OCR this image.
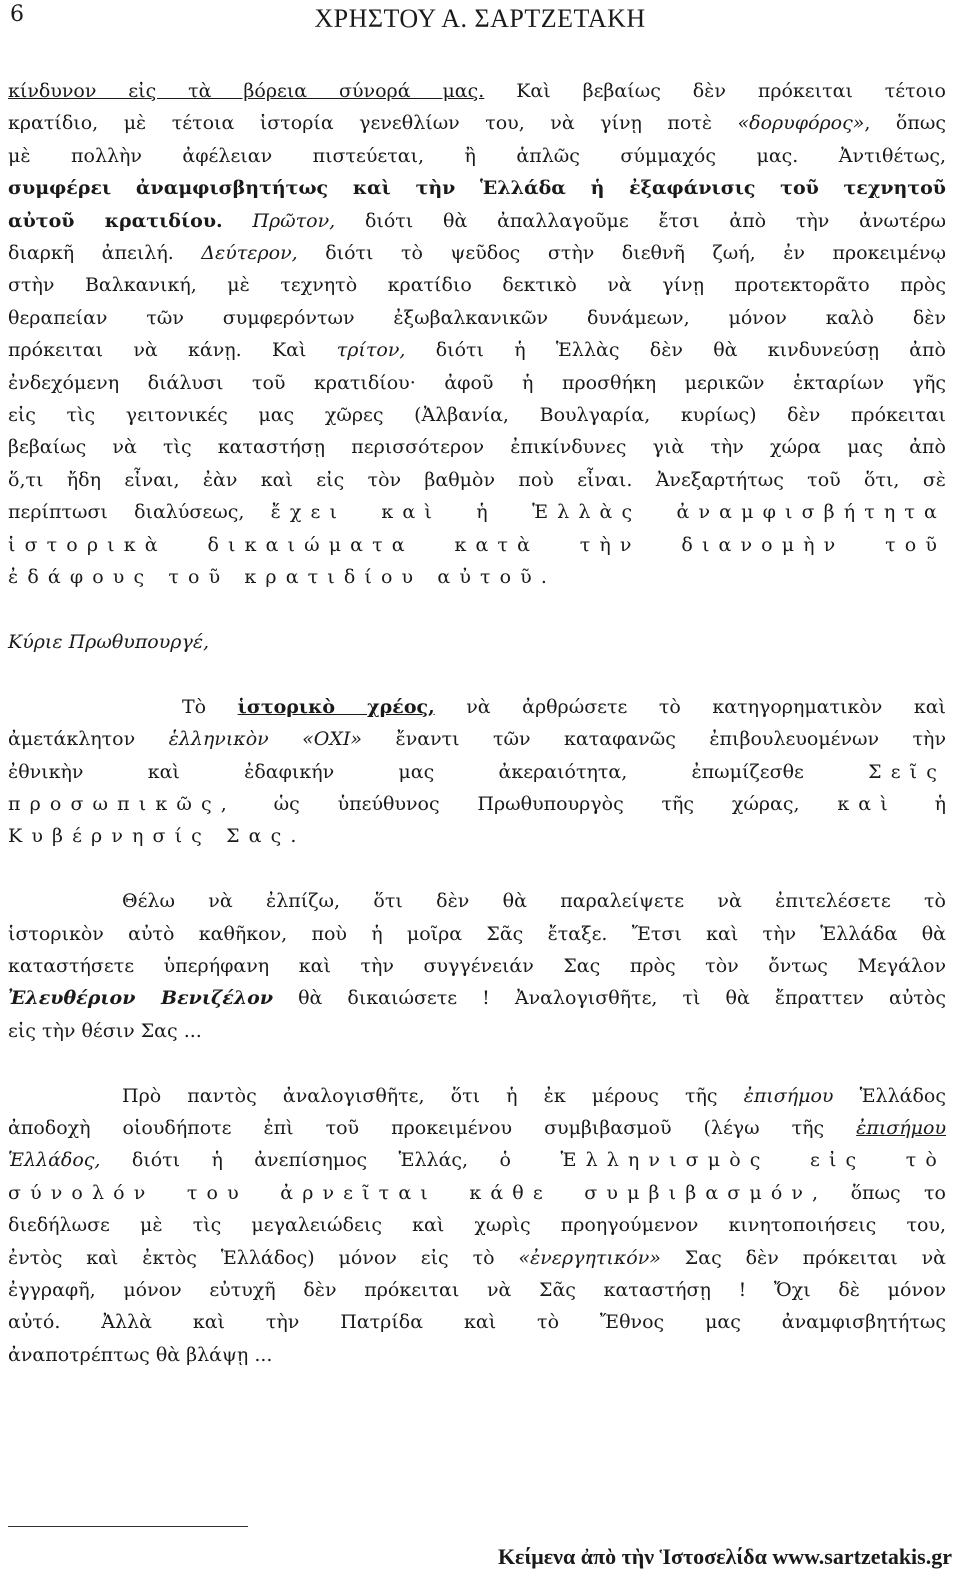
6	ΧΡΗΣΤΟΥ Α. ΣΑΡΤΖΕΤΑΚΗ
κίνδυνον εἰς τὰ βόρεια σύνορά μας. Καὶ βεβαίως δὲν πρόκειται τέτοιο
κρατίδιο, μὲ τέτοια ἱστορία γενεθλίων του, νὰ γίνῃ ποτὲ «δορυφόρος», ὅπως
μὲ πολλὴν ἀφέλειαν πιστεύεται, ἢ ἁπλῶς σύμμαχός μας. Ἀντιθέτως,
συμφέρει ἀναμφισβητήτως καὶ τὴν Ἑλλάδα ἡ ἐξαφάνισις τοῦ τεχνητοῦ
αὐτοῦ κρατιδίου. Πρῶτον, διότι θὰ ἀπαλλαγοῦμε ἔτσι ἀπὸ τὴν ἀνωτέρω
διαρκῆ ἀπειλή. Δεύτερον, διότι τὸ ψεῦδος στὴν διεθνῆ ζωή, ἐν προκειμένῳ
στὴν Βαλκανική, μὲ τεχνητὸ κρατίδιο δεκτικὸ νὰ γίνῃ προτεκτορᾶτο πρὸς
θεραπείαν τῶν συμφερόντων ἐξωβαλκανικῶν δυνάμεων, μόνον καλὸ δὲν
πρόκειται νὰ κάνῃ. Καὶ τρίτον, διότι ἡ Ἑλλὰς δὲν θὰ κινδυνεύσῃ ἀπὸ
ἐνδεχόμενη διάλυσι τοῦ κρατιδίου· ἀφοῦ ἡ προσθήκη μερικῶν ἑκταρίων γῆς
εἰς τὶς γειτονικές μας χῶρες (Ἀλβανία, Βουλγαρία, κυρίως) δὲν πρόκειται
βεβαίως νὰ τὶς καταστήσῃ περισσότερον ἐπικίνδυνες γιὰ τὴν χώρα μας ἀπὸ
ὅ,τι ἤδη εἶναι, ἐὰν καὶ εἰς τὸν βαθμὸν ποὺ εἶναι. Ἀνεξαρτήτως τοῦ ὅτι, σὲ
περίπτωσι διαλύσεως, ἔχει καὶ ἡ Ἑλλὰς ἀναμφισβήτητα
ἱστορικὰ δικαιώματα κατὰ τὴν διανομὴν τοῦ
ἐδάφους τοῦ κρατιδίου αὐτοῦ.
Κύριε Πρωθυπουργέ,
Τὸ ἱστορικὸ χρέος, νὰ ἀρθρώσετε τὸ κατηγορηματικὸν καὶ
ἀμετάκλητον ἑλληνικὸν «ΟΧΙ» ἔναντι τῶν καταφανῶς ἐπιβουλευομένων τὴν
ἐθνικὴν καὶ ἐδαφικήν μας ἀκεραιότητα, ἐπωμίζεσθε Σεῖς
προσωπικῶς, ὡς ὑπεύθυνος Πρωθυπουργὸς τῆς χώρας, καὶ ἡ
Κυβέρνησίς Σας.
Θέλω νὰ ἐλπίζω, ὅτι δὲν θὰ παραλείψετε νὰ ἐπιτελέσετε τὸ
ἱστορικὸν αὐτὸ καθῆκον, ποὺ ἡ μοῖρα Σᾶς ἔταξε. Ἔτσι καὶ τὴν Ἑλλάδα θὰ
καταστήσετε ὑπερήφανη καὶ τὴν συγγένειάν Σας πρὸς τὸν ὄντως Μεγάλον
Ἐλευθέριον Βενιζέλον θὰ δικαιώσετε ! Ἀναλογισθῆτε, τὶ θὰ ἔπραττεν αὐτὸς
εἰς τὴν θέσιν Σας ...
Πρὸ παντὸς ἀναλογισθῆτε, ὅτι ἡ ἐκ μέρους τῆς ἐπισήμου Ἑλλάδος
ἀποδοχὴ οἱουδήποτε ἐπὶ τοῦ προκειμένου συμβιβασμοῦ (λέγω τῆς ἐπισήμου
Ἑλλάδος, διότι ἡ ἀνεπίσημος Ἑλλάς, ὁ Ἑλληνισμὸς εἰς τὸ
σύνολόν του ἀρνεῖται κάθε συμβιβασμόν, ὅπως το
διεδήλωσε μὲ τὶς μεγαλειώδεις καὶ χωρὶς προηγούμενον κινητοποιήσεις του,
ἐντὸς καὶ ἐκτὸς Ἑλλάδος) μόνον εἰς τὸ «ἐνεργητικόν» Σας δὲν πρόκειται νὰ
ἐγγραφῆ, μόνον εὐτυχῆ δὲν πρόκειται νὰ Σᾶς καταστήσῃ ! Ὄχι δὲ μόνον
αὐτό. Ἀλλὰ καὶ τὴν Πατρίδα καὶ τὸ Ἔθνος μας ἀναμφισβητήτως
ἀναποτρέπτως θὰ βλάψῃ ...
Κείμενα ἀπὸ τὴν Ἱστοσελίδα www.sartzetakis.gr
